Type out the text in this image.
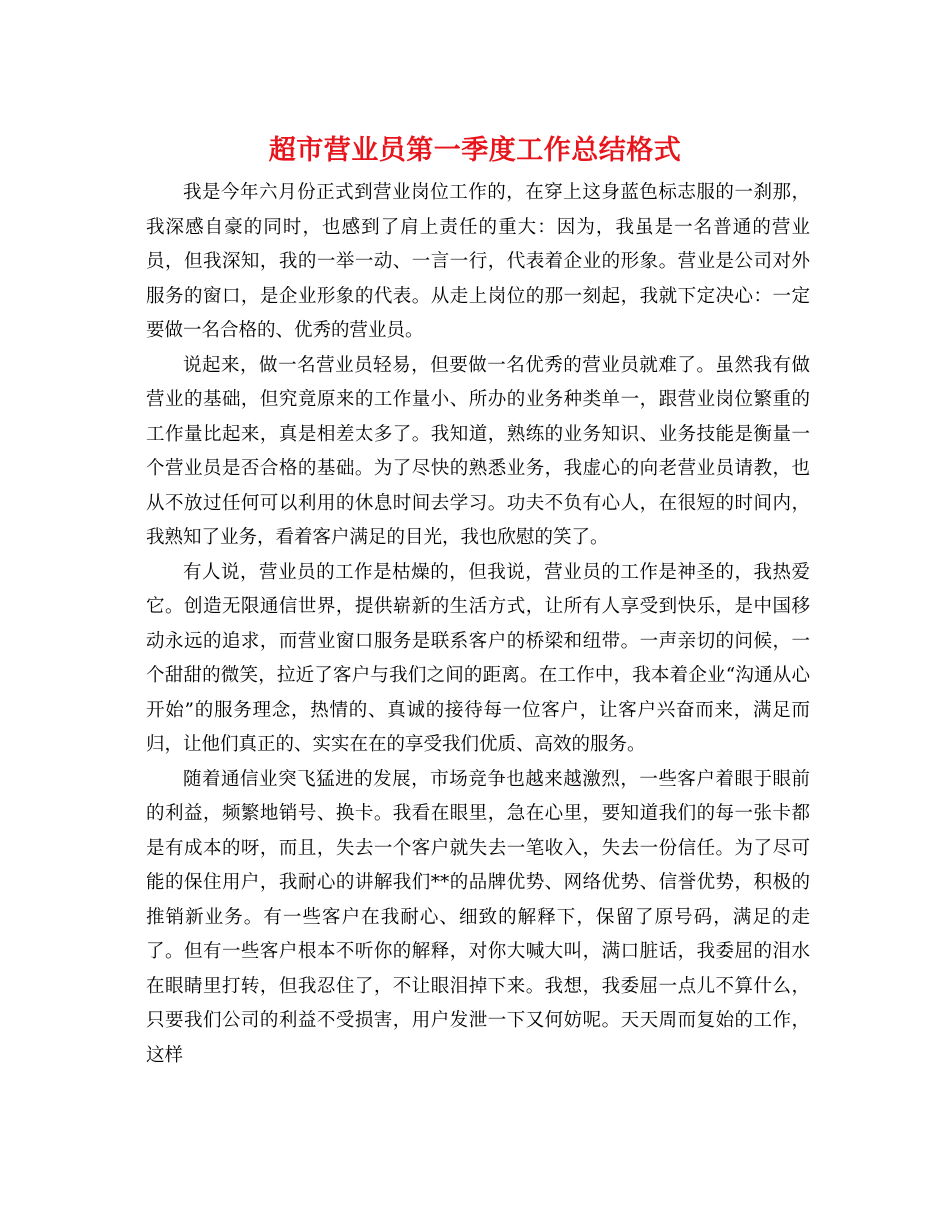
超市营业员第一季度工作总结格式

我是今年六月份正式到营业岗位工作的，在穿上这身蓝色标志服的一刹那，我深感自豪的同时，也感到了肩上责任的重大：因为，我虽是一名普通的营业员，但我深知，我的一举一动、一言一行，代表着企业的形象。营业是公司对外服务的窗口，是企业形象的代表。从走上岗位的那一刻起，我就下定决心：一定要做一名合格的、优秀的营业员。

说起来，做一名营业员轻易，但要做一名优秀的营业员就难了。虽然我有做营业的基础，但究竟原来的工作量小、所办的业务种类单一，跟营业岗位繁重的工作量比起来，真是相差太多了。我知道，熟练的业务知识、业务技能是衡量一个营业员是否合格的基础。为了尽快的熟悉业务，我虚心的向老营业员请教，也从不放过任何可以利用的休息时间去学习。功夫不负有心人，在很短的时间内，我熟知了业务，看着客户满足的目光，我也欣慰的笑了。

有人说，营业员的工作是枯燥的，但我说，营业员的工作是神圣的，我热爱它。创造无限通信世界，提供崭新的生活方式，让所有人享受到快乐，是中国移动永远的追求，而营业窗口服务是联系客户的桥梁和纽带。一声亲切的问候，一个甜甜的微笑，拉近了客户与我们之间的距离。在工作中，我本着企业“沟通从心开始”的服务理念，热情的、真诚的接待每一位客户，让客户兴奋而来，满足而归，让他们真正的、实实在在的享受我们优质、高效的服务。

随着通信业突飞猛进的发展，市场竞争也越来越激烈，一些客户着眼于眼前的利益，频繁地销号、换卡。我看在眼里，急在心里，要知道我们的每一张卡都是有成本的呀，而且，失去一个客户就失去一笔收入，失去一份信任。为了尽可能的保住用户，我耐心的讲解我们**的品牌优势、网络优势、信誉优势，积极的推销新业务。有一些客户在我耐心、细致的解释下，保留了原号码，满足的走了。但有一些客户根本不听你的解释，对你大喊大叫，满口脏话，我委屈的泪水在眼睛里打转，但我忍住了，不让眼泪掉下来。我想，我委屈一点儿不算什么，只要我们公司的利益不受损害，用户发泄一下又何妨呢。天天周而复始的工作，这样
